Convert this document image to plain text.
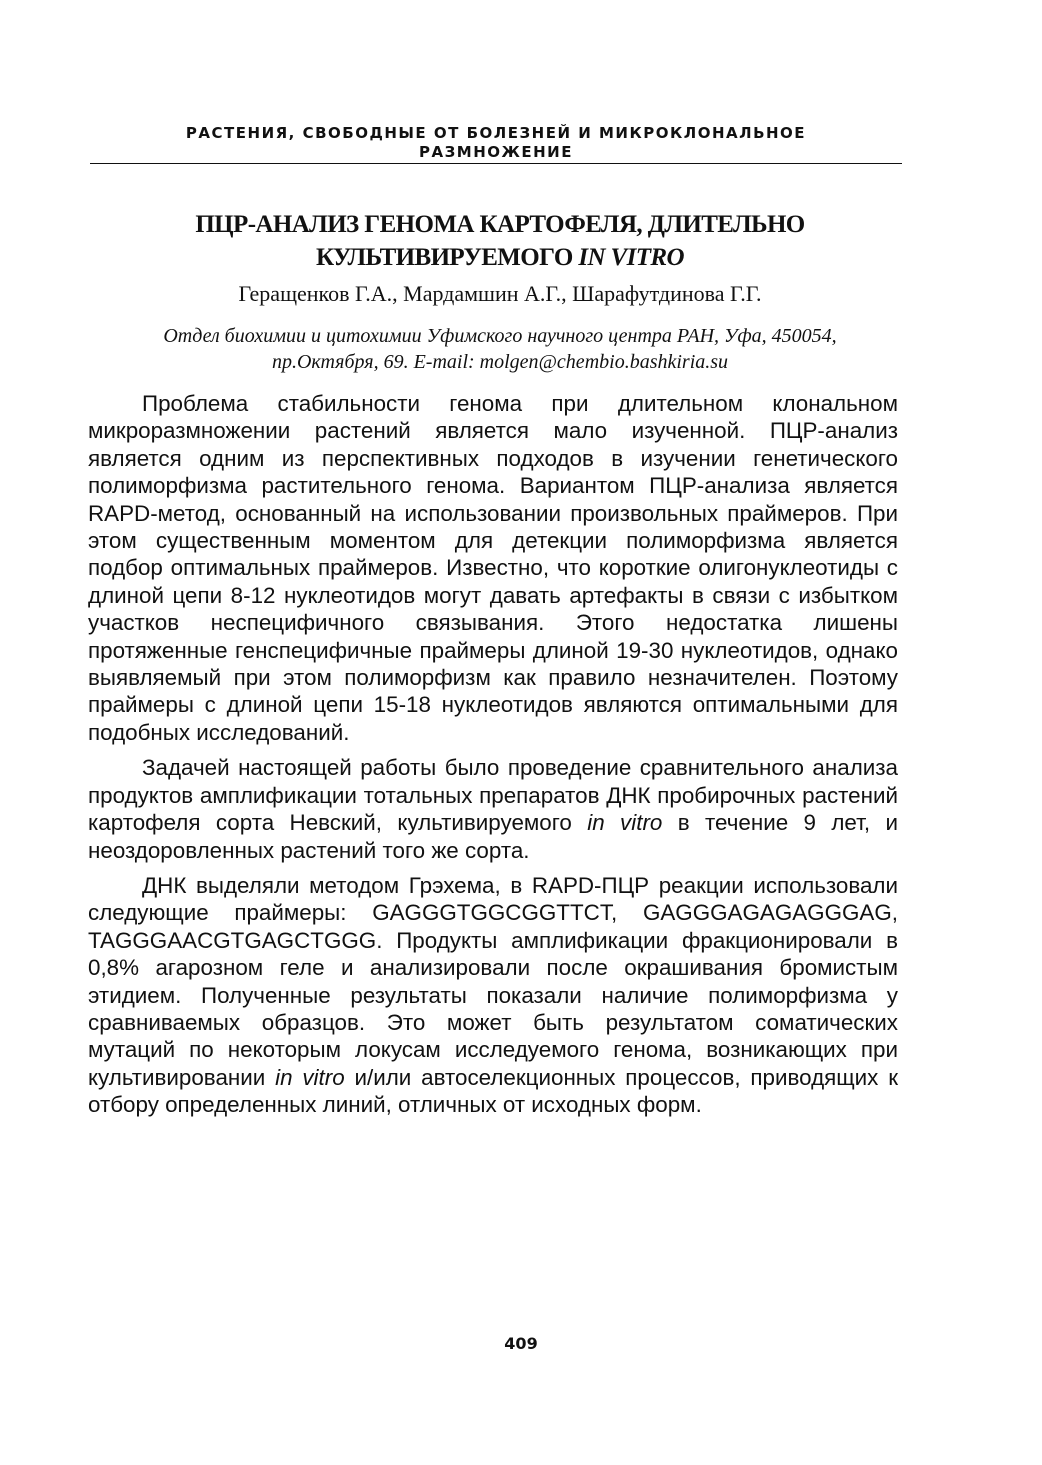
РАСТЕНИЯ, СВОБОДНЫЕ ОТ БОЛЕЗНЕЙ И МИКРОКЛОНАЛЬНОЕ
РАЗМНОЖЕНИЕ
ПЦР-АНАЛИЗ ГЕНОМА КАРТОФЕЛЯ, ДЛИТЕЛЬНО
КУЛЬТИВИРУЕМОГО IN VITRO
Геращенков Г.А., Мардамшин А.Г., Шарафутдинова Г.Г.
Отдел биохимии и цитохимии Уфимского научного центра РАН, Уфа, 450054,
пр.Октября, 69. E-mail: molgen@chembio.bashkiria.su

Проблема стабильности генома при длительном клональном микроразмножении растений является мало изученной. ПЦР-анализ является одним из перспективных подходов в изучении генетического полиморфизма растительного генома. Вариантом ПЦР-анализа является RAPD-метод, основанный на использовании произвольных праймеров. При этом существенным моментом для детекции полиморфизма является подбор оптимальных праймеров. Известно, что короткие олигонуклеотиды с длиной цепи 8-12 нуклеотидов могут давать артефакты в связи с избытком участков неспецифичного связывания. Этого недостатка лишены протяженные генспецифичные праймеры длиной 19-30 нуклеотидов, однако выявляемый при этом полиморфизм как правило незначителен. Поэтому праймеры с длиной цепи 15-18 нуклеотидов являются оптимальными для подобных исследований.

Задачей настоящей работы было проведение сравнительного анализа продуктов амплификации тотальных препаратов ДНК пробирочных растений картофеля сорта Невский, культивируемого in vitro в течение 9 лет, и неоздоровленных растений того же сорта.

ДНК выделяли методом Грэхема, в RAPD-ПЦР реакции использовали следующие праймеры: GAGGGTGGCGGTTCT, GAGGGAGAGAGGGAG, TAGGGAACGTGAGCTGGG. Продукты амплификации фракционировали в 0,8% агарозном геле и анализировали после окрашивания бромистым этидием. Полученные результаты показали наличие полиморфизма у сравниваемых образцов. Это может быть результатом соматических мутаций по некоторым локусам исследуемого генома, возникающих при культивировании in vitro и/или автоселекционных процессов, приводящих к отбору определенных линий, отличных от исходных форм.

409
